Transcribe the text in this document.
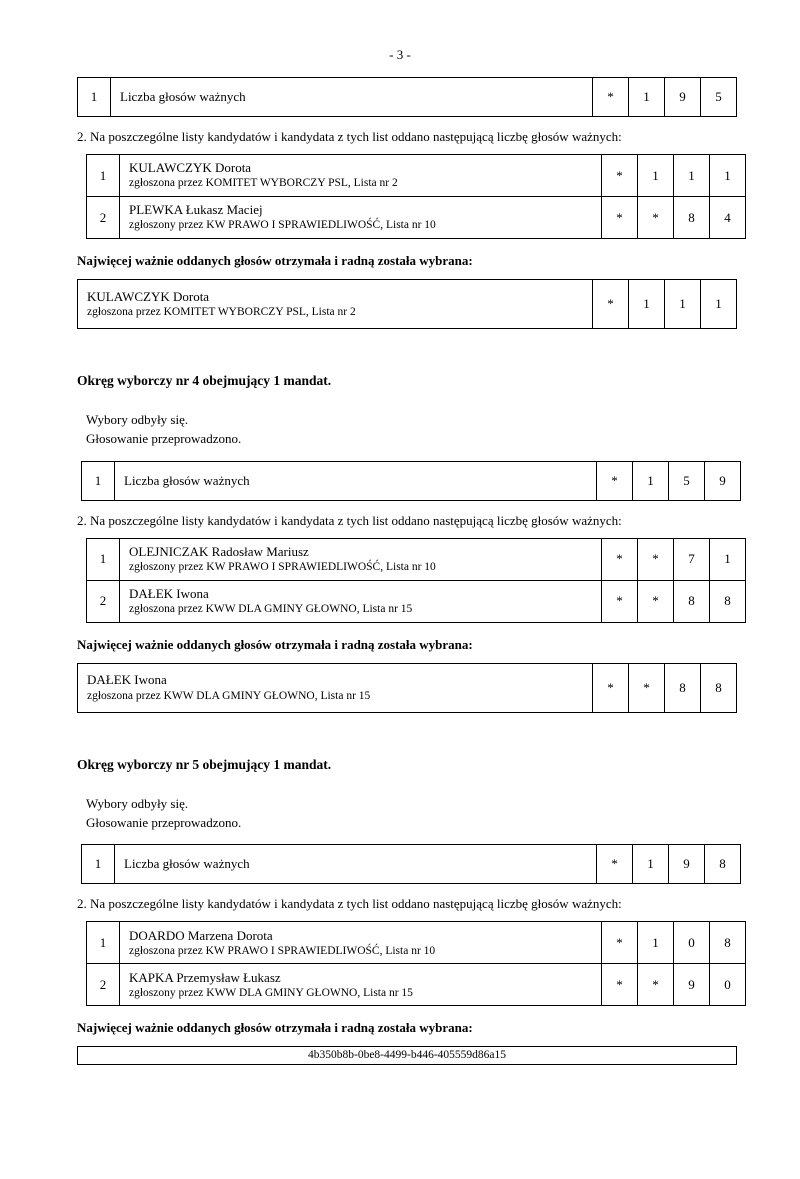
- 3 -
1	Liczba głosów ważnych	*	1	9	5

2. Na poszczególne listy kandydatów i kandydata z tych list oddano następującą liczbę głosów ważnych:

1	KULAWCZYK Dorota
zgłoszona przez KOMITET WYBORCZY PSL, Lista nr 2	*	1	1	1
2	PLEWKA Łukasz Maciej
zgłoszony przez KW PRAWO I SPRAWIEDLIWOŚĆ, Lista nr 10	*	*	8	4

Najwięcej ważnie oddanych głosów otrzymała i radną została wybrana:

KULAWCZYK Dorota
zgłoszona przez KOMITET WYBORCZY PSL, Lista nr 2
	*	1	1	1
Okręg wyborczy nr 4 obejmujący 1 mandat.
Wybory odbyły się.
Głosowanie przeprowadzono.
1	Liczba głosów ważnych	*	1	5	9

2. Na poszczególne listy kandydatów i kandydata z tych list oddano następującą liczbę głosów ważnych:

1	OLEJNICZAK Radosław Mariusz
zgłoszony przez KW PRAWO I SPRAWIEDLIWOŚĆ, Lista nr 10	*	*	7	1
2	DAŁEK Iwona
zgłoszona przez KWW DLA GMINY GŁOWNO, Lista nr 15	*	*	8	8

Najwięcej ważnie oddanych głosów otrzymała i radną została wybrana:

DAŁEK Iwona
zgłoszona przez KWW DLA GMINY GŁOWNO, Lista nr 15
	*	*	8	8
Okręg wyborczy nr 5 obejmujący 1 mandat.
Wybory odbyły się.
Głosowanie przeprowadzono.
1	Liczba głosów ważnych	*	1	9	8

2. Na poszczególne listy kandydatów i kandydata z tych list oddano następującą liczbę głosów ważnych:

1	DOARDO Marzena Dorota
zgłoszona przez KW PRAWO I SPRAWIEDLIWOŚĆ, Lista nr 10	*	1	0	8
2	KAPKA Przemysław Łukasz
zgłoszony przez KWW DLA GMINY GŁOWNO, Lista nr 15	*	*	9	0

Najwięcej ważnie oddanych głosów otrzymała i radną została wybrana:

4b350b8b-0be8-4499-b446-405559d86a15
